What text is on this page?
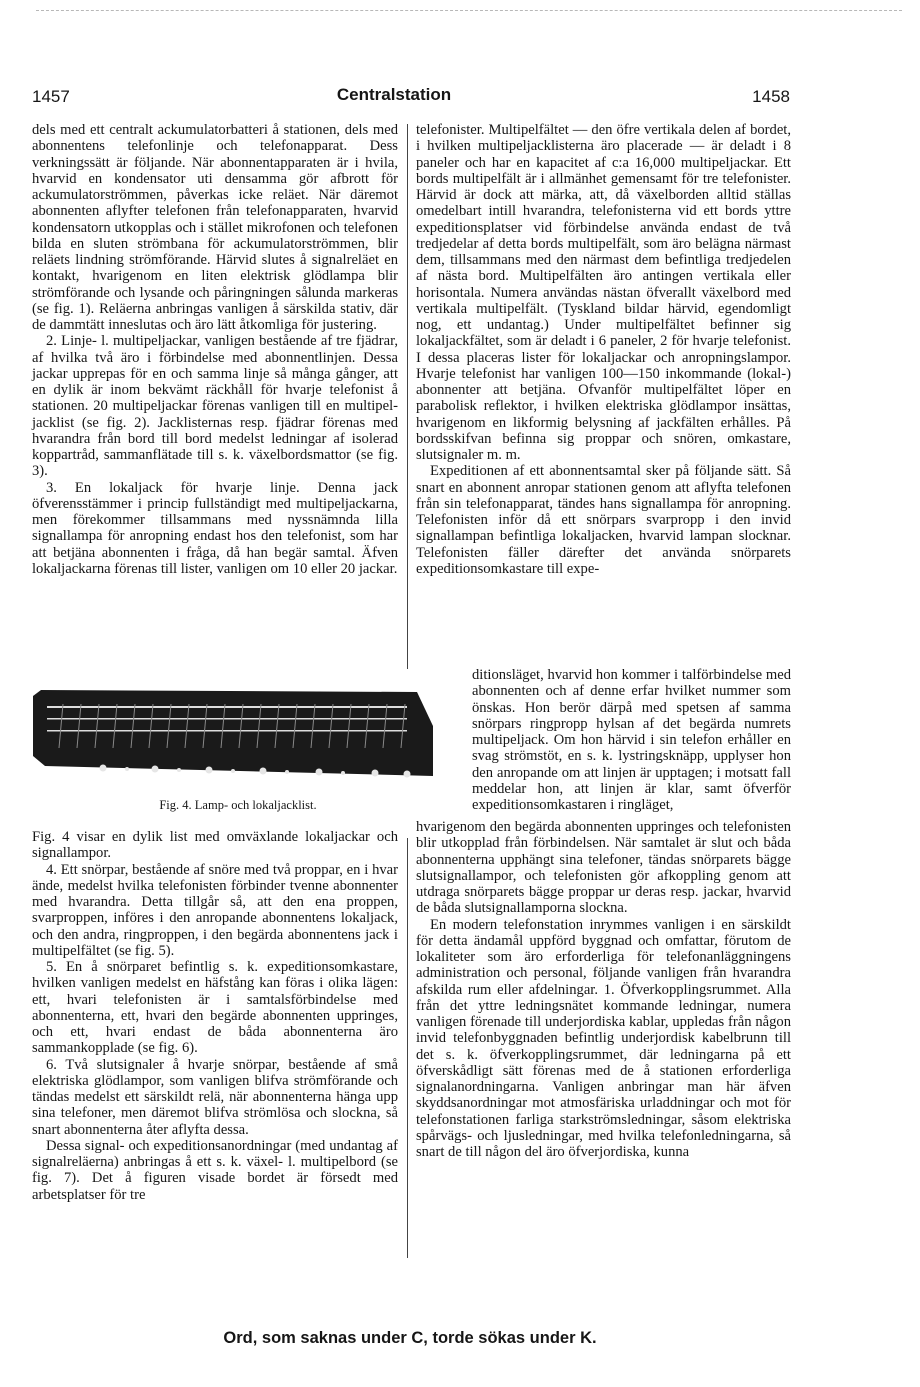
1457	Centralstation	1458

dels med ett centralt ackumulatorbatteri å stationen, dels med abonnentens telefonlinje och telefonapparat. Dess verkningssätt är följande. När abonnentapparaten är i hvila, hvarvid en kondensator uti densamma gör afbrott för ackumulatorströmmen, påverkas icke reläet. När däremot abonnenten aflyfter telefonen från telefonapparaten, hvarvid kondensatorn utkopplas och i stället mikrofonen och telefonen bilda en sluten strömbana för ackumulatorströmmen, blir reläets lindning strömförande. Härvid slutes å signalreläet en kontakt, hvarigenom en liten elektrisk glödlampa blir strömförande och lysande och påringningen sålunda markeras (se fig. 1). Reläerna anbringas vanligen å särskilda stativ, där de dammtätt inneslutas och äro lätt åtkomliga för justering.

2. Linje- l. multipeljackar, vanligen bestående af tre fjädrar, af hvilka två äro i förbindelse med abonnentlinjen. Dessa jackar upprepas för en och samma linje så många gånger, att en dylik är inom bekvämt räckhåll för hvarje telefonist å stationen. 20 multipeljackar förenas vanligen till en multipel-jacklist (se fig. 2). Jacklisternas resp. fjädrar förenas med hvarandra från bord till bord medelst ledningar af isolerad koppartråd, sammanflätade till s. k. växelbordsmattor (se fig. 3).

3. En lokaljack för hvarje linje. Denna jack öfverensstämmer i princip fullständigt med multipeljackarna, men förekommer tillsammans med nyssnämnda lilla signallampa för anropning endast hos den telefonist, som har att betjäna abonnenten i fråga, då han begär samtal. Äfven lokaljackarna förenas till lister, vanligen om 10 eller 20 jackar.

Fig. 4. Lamp- och lokaljacklist.

Fig. 4 visar en dylik list med omväxlande lokaljackar och signallampor.

4. Ett snörpar, bestående af snöre med två proppar, en i hvar ände, medelst hvilka telefonisten förbinder tvenne abonnenter med hvarandra. Detta tillgår så, att den ena proppen, svarproppen, införes i den anropande abonnentens lokaljack, och den andra, ringproppen, i den begärda abonnentens jack i multipelfältet (se fig. 5).

5. En å snörparet befintlig s. k. expeditionsomkastare, hvilken vanligen medelst en häfstång kan föras i olika lägen: ett, hvari telefonisten är i samtalsförbindelse med abonnenterna, ett, hvari den begärde abonnenten uppringes, och ett, hvari endast de båda abonnenterna äro sammankopplade (se fig. 6).

6. Två slutsignaler å hvarje snörpar, bestående af små elektriska glödlampor, som vanligen blifva strömförande och tändas medelst ett särskildt relä, när abonnenterna hänga upp sina telefoner, men däremot blifva strömlösa och slockna, så snart abonnenterna åter aflyfta dessa.

Dessa signal- och expeditionsanordningar (med undantag af signalreläerna) anbringas å ett s. k. växel- l. multipelbord (se fig. 7). Det å figuren visade bordet är försedt med arbetsplatser för tre

telefonister. Multipelfältet — den öfre vertikala delen af bordet, i hvilken multipeljacklisterna äro placerade — är deladt i 8 paneler och har en kapacitet af c:a 16,000 multipeljackar. Ett bords multipelfält är i allmänhet gemensamt för tre telefonister. Härvid är dock att märka, att, då växelborden alltid ställas omedelbart intill hvarandra, telefonisterna vid ett bords yttre expeditionsplatser vid förbindelse använda endast de två tredjedelar af detta bords multipelfält, som äro belägna närmast dem, tillsammans med den närmast dem befintliga tredjedelen af nästa bord. Multipelfälten äro antingen vertikala eller horisontala. Numera användas nästan öfverallt växelbord med vertikala multipelfält. (Tyskland bildar härvid, egendomligt nog, ett undantag.) Under multipelfältet befinner sig lokaljackfältet, som är deladt i 6 paneler, 2 för hvarje telefonist. I dessa placeras lister för lokaljackar och anropningslampor. Hvarje telefonist har vanligen 100—150 inkommande (lokal-) abonnenter att betjäna. Ofvanför multipelfältet löper en parabolisk reflektor, i hvilken elektriska glödlampor insättas, hvarigenom en likformig belysning af jackfälten erhålles. På bordsskifvan befinna sig proppar och snören, omkastare, slutsignaler m. m.

Expeditionen af ett abonnentsamtal sker på följande sätt. Så snart en abonnent anropar stationen genom att aflyfta telefonen från sin telefonapparat, tändes hans signallampa för anropning. Telefonisten inför då ett snörpars svarpropp i den invid signallampan befintliga lokaljacken, hvarvid lampan slocknar. Telefonisten fäller därefter det använda snörparets expeditionsomkastare till expe-

ditionsläget, hvarvid hon kommer i talförbindelse med abonnenten och af denne erfar hvilket nummer som önskas. Hon berör därpå med spetsen af samma snörpars ringpropp hylsan af det begärda numrets multipeljack. Om hon härvid i sin telefon erhåller en svag strömstöt, en s. k. lystringsknäpp, upplyser hon den anropande om att linjen är upptagen; i motsatt fall meddelar hon, att linjen är klar, samt öfverför expeditionsomkastaren i ringläget,

hvarigenom den begärda abonnenten uppringes och telefonisten blir utkopplad från förbindelsen. När samtalet är slut och båda abonnenterna upphängt sina telefoner, tändas snörparets bägge slutsignallampor, och telefonisten gör afkoppling genom att utdraga snörparets bägge proppar ur deras resp. jackar, hvarvid de båda slutsignallamporna slockna.

En modern telefonstation inrymmes vanligen i en särskildt för detta ändamål uppförd byggnad och omfattar, förutom de lokaliteter som äro erforderliga för telefonanläggningens administration och personal, följande vanligen från hvarandra afskilda rum eller afdelningar. 1. Öfverkopplingsrummet. Alla från det yttre ledningsnätet kommande ledningar, numera vanligen förenade till underjordiska kablar, uppledas från någon invid telefonbyggnaden befintlig underjordisk kabelbrunn till det s. k. öfverkopplingsrummet, där ledningarna på ett öfverskådligt sätt förenas med de å stationen erforderliga signalanordningarna. Vanligen anbringar man här äfven skyddsanordningar mot atmosfäriska urladdningar och mot för telefonstationen farliga starkströmsledningar, såsom elektriska spårvägs- och ljusledningar, med hvilka telefonledningarna, så snart de till någon del äro öfverjordiska, kunna

Ord, som saknas under C, torde sökas under K.
